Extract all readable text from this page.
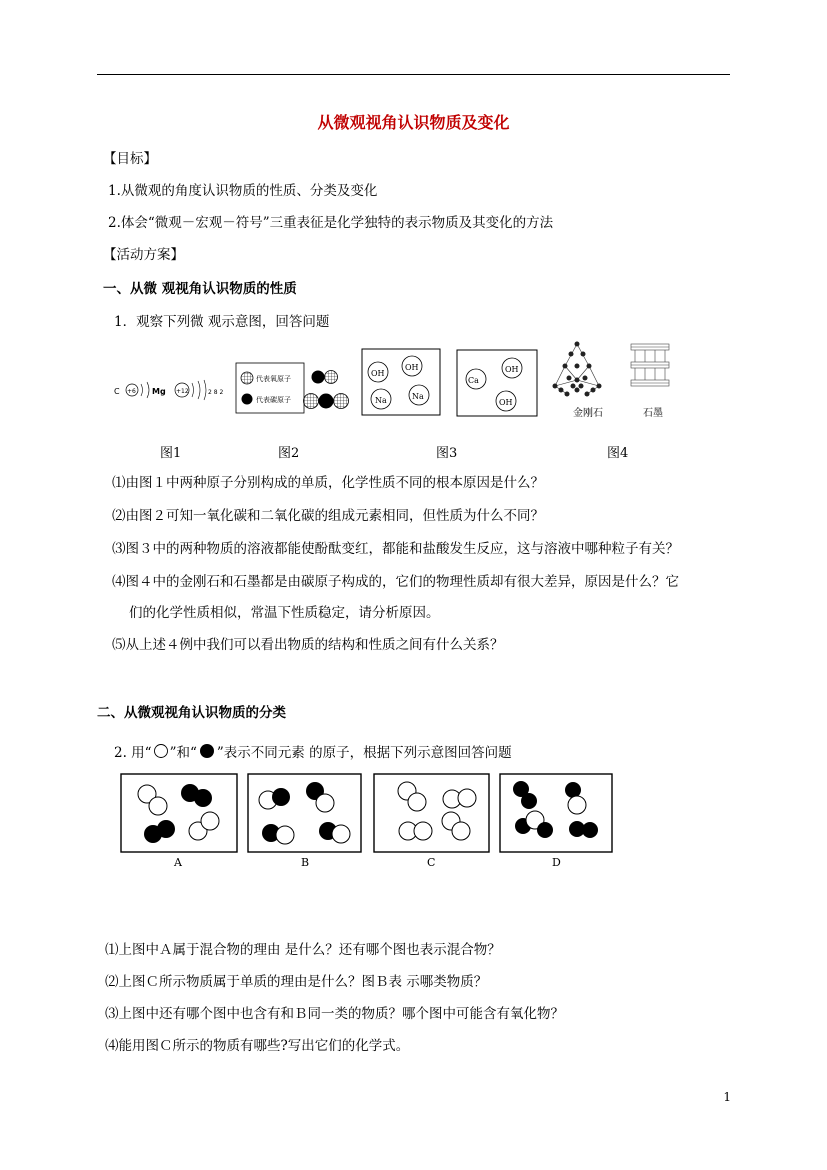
从微观视角认识物质及变化
【目标】
1.从微观的角度认识物质的性质、分类及变化
2.体会“微观－宏观－符号”三重表征是化学独特的表示物质及其变化的方法
【活动方案】
一、从微 观视角认识物质的性质
1．观察下列微 观示意图，回答问题
C +6 Mg +12	2 8 2
代表氧原子
代表碳原子
OH
OH
Na	Na
Ca
OH
OH
金刚石	石墨
图1	图2	图3	图4
⑴由图１中两种原子分别构成的单质，化学性质不同的根本原因是什么？
⑵由图２可知一氧化碳和二氧化碳的组成元素相同，但性质为什么不同？
⑶图３中的两种物质的溶液都能使酚酞变红，都能和盐酸发生反应，这与溶液中哪种粒子有关？
⑷图４中的金刚石和石墨都是由碳原子构成的，它们的物理性质却有很大差异，原因是什么？它
们的化学性质相似，常温下性质稳定，请分析原因。
⑸从上述４例中我们可以看出物质的结构和性质之间有什么关系？
二、从微观视角认识物质的分类
2. 用“ ”和“ ”表示不同元素 的原子，根据下列示意图回答问题
A	B	C	D
⑴上图中Ａ属于混合物的理由 是什么？还有哪个图也表示混合物？
⑵上图Ｃ所示物质属于单质的理由是什么？图Ｂ表 示哪类物质？
⑶上图中还有哪个图中也含有和Ｂ同一类的物质？哪个图中可能含有氧化物？
⑷能用图Ｃ所示的物质有哪些?写出它们的化学式。
1
